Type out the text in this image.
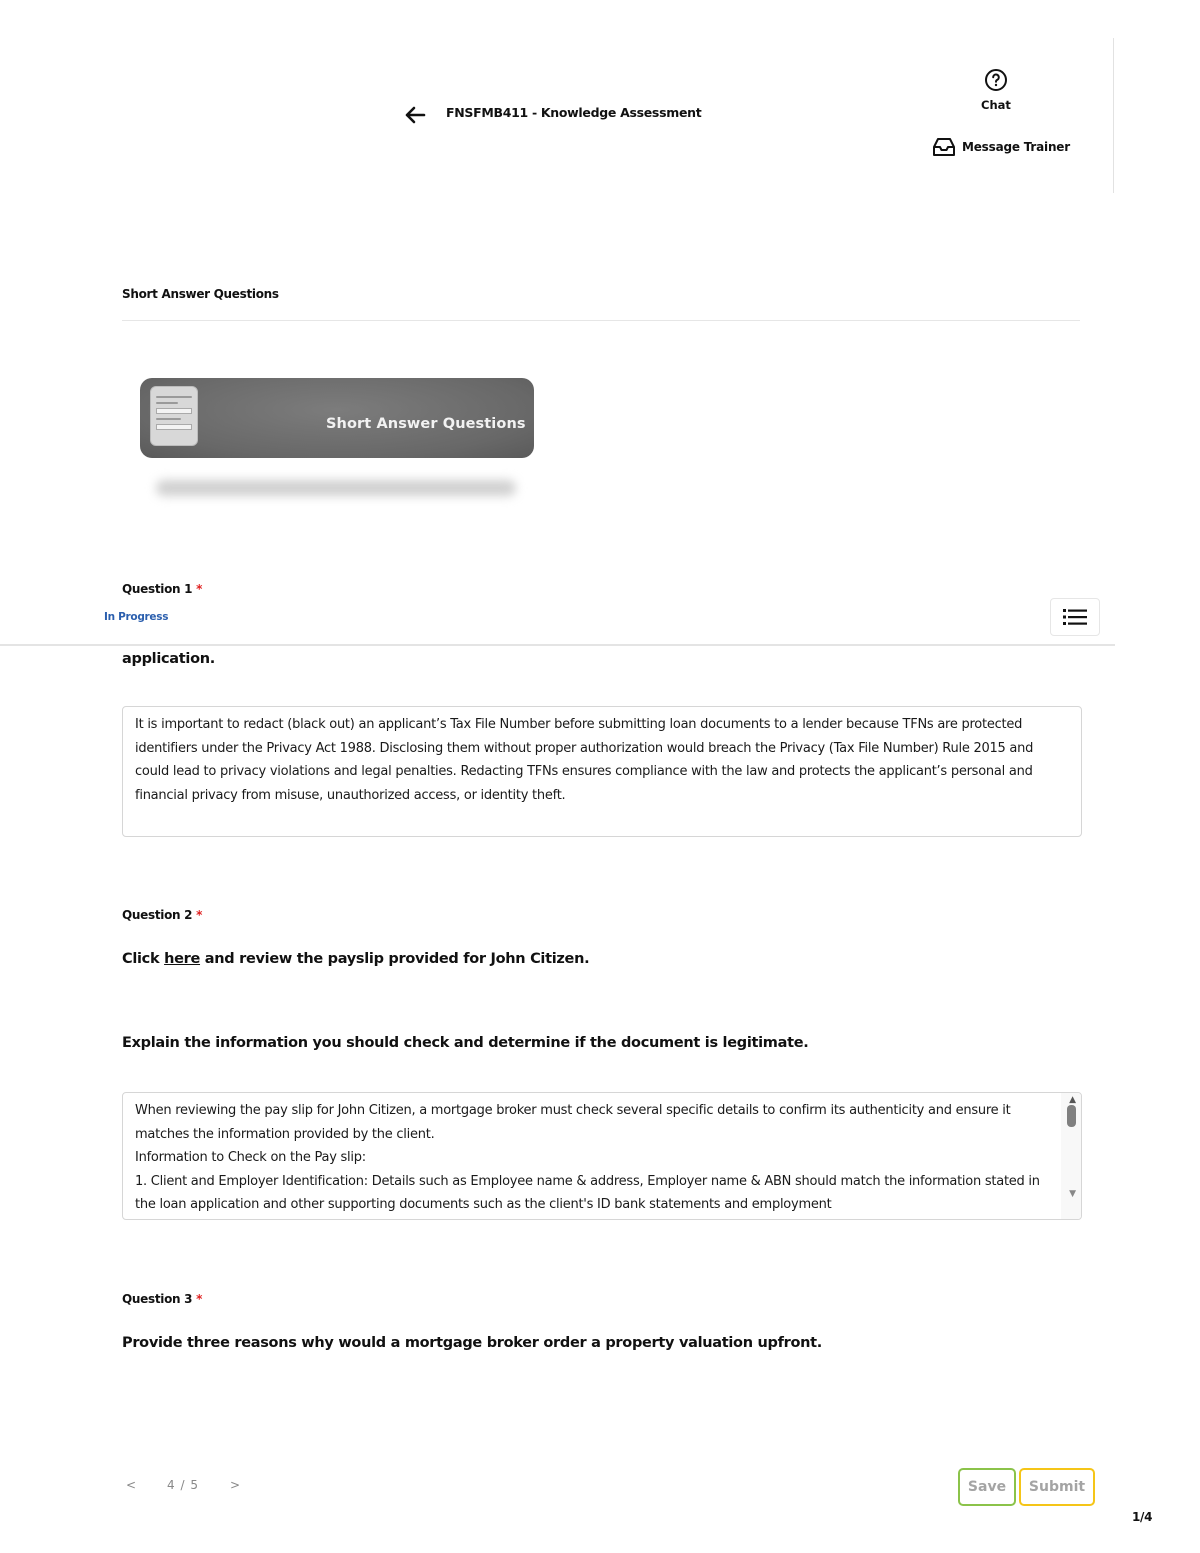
FNSFMB411 - Knowledge Assessment	Chat
Message Trainer
Short Answer Questions
Short Answer Questions
Question 1 *
In Progress
application.
It is important to redact (black out) an applicant’s Tax File Number before submitting loan documents to a lender because TFNs are protected identifiers under the Privacy Act 1988. Disclosing them without proper authorization would breach the Privacy (Tax File Number) Rule 2015 and could lead to privacy violations and legal penalties. Redacting TFNs ensures compliance with the law and protects the applicant’s personal and financial privacy from misuse, unauthorized access, or identity theft.
Question 2 *
Click here and review the payslip provided for John Citizen.
Explain the information you should check and determine if the document is legitimate.
When reviewing the pay slip for John Citizen, a mortgage broker must check several specific details to confirm its authenticity and ensure it matches the information provided by the client.
Information to Check on the Pay slip:
1. Client and Employer Identification: Details such as Employee name & address, Employer name & ABN should match the information stated in the loan application and other supporting documents such as the client's ID bank statements and employment
▲
▼
Question 3 *
Provide three reasons why would a mortgage broker order a property valuation upfront.
<	4 / 5	>	Save	Submit
1/4
